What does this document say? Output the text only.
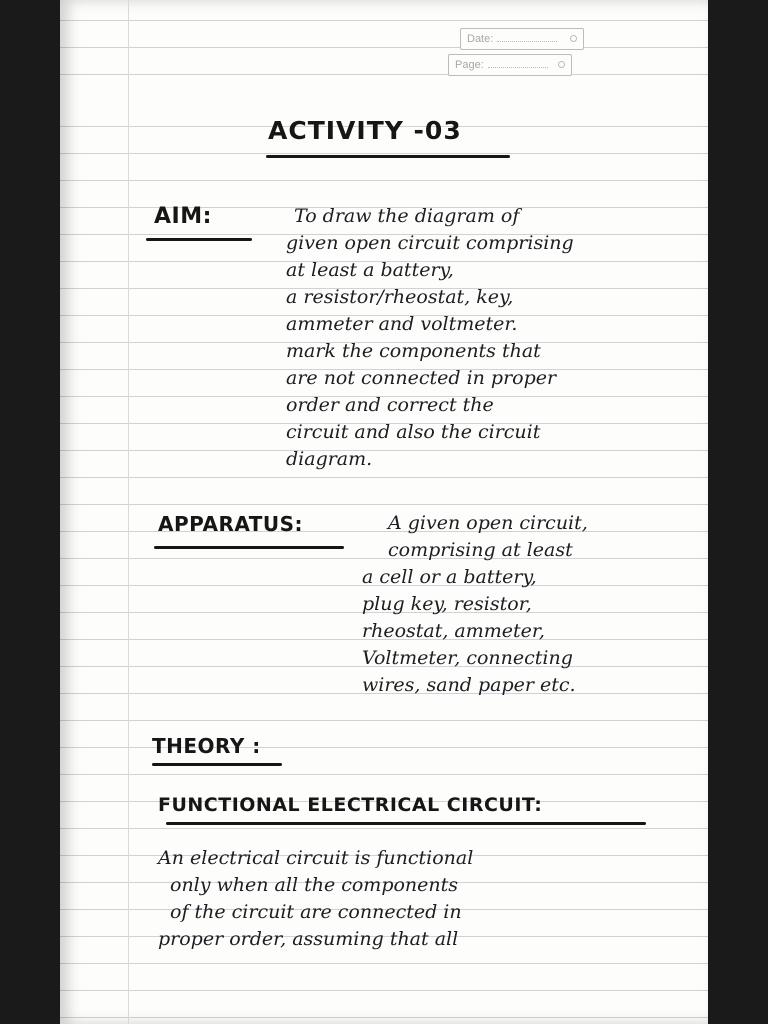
Date:
Page:
ACTIVITY -03
AIM:	To draw the diagram of
given open circuit comprising
at least a battery,
a resistor/rheostat, key,
ammeter and voltmeter.
mark the components that
are not connected in proper
order and correct the
circuit and also the circuit
diagram.
APPARATUS:	A given open circuit,
comprising at least
a cell or a battery,
plug key, resistor,
rheostat, ammeter,
Voltmeter, connecting
wires, sand paper etc.
THEORY :
FUNCTIONAL ELECTRICAL CIRCUIT:
An electrical circuit is functional
only when all the components
of the circuit are connected in
proper order, assuming that all
